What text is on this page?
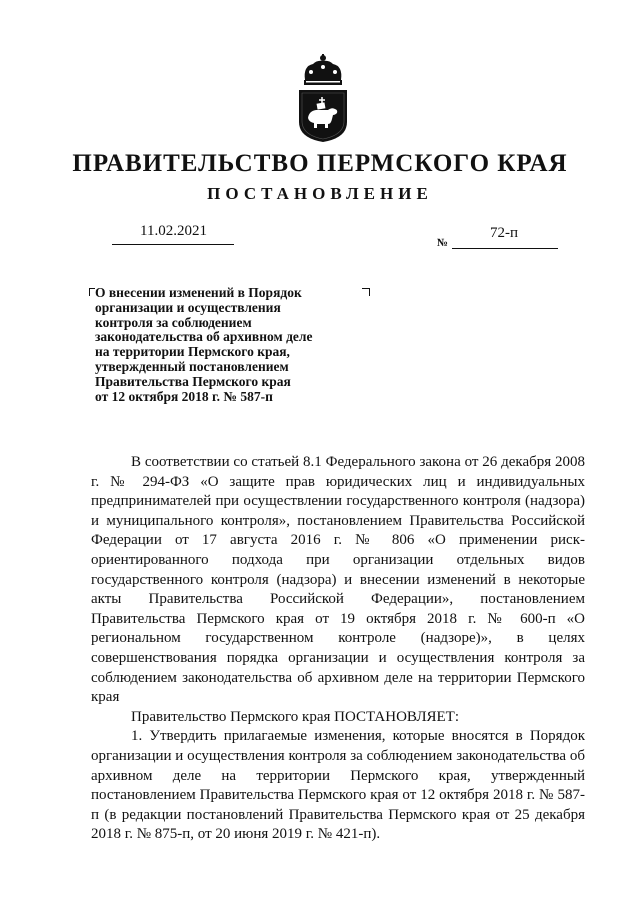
ПРАВИТЕЛЬСТВО ПЕРМСКОГО КРАЯ
ПОСТАНОВЛЕНИЕ
11.02.2021
№
72-п
О внесении изменений в Порядок
организации и осуществления
контроля за соблюдением
законодательства об архивном деле
на территории Пермского края,
утвержденный постановлением
Правительства Пермского края
от 12 октября 2018 г. № 587-п

В соответствии со статьей 8.1 Федерального закона от 26 декабря 2008 г. № 294-ФЗ «О защите прав юридических лиц и индивидуальных предпринимателей при осуществлении государственного контроля (надзора) и муниципального контроля», постановлением Правительства Российской Федерации от 17 августа 2016 г. № 806 «О применении риск-ориентированного подхода при организации отдельных видов государственного контроля (надзора) и внесении изменений в некоторые акты Правительства Российской Федерации», постановлением Правительства Пермского края от 19 октября 2018 г. № 600-п «О региональном государственном контроле (надзоре)», в целях совершенствования порядка организации и осуществления контроля за соблюдением законодательства об архивном деле на территории Пермского края

Правительство Пермского края ПОСТАНОВЛЯЕТ:

1. Утвердить прилагаемые изменения, которые вносятся в Порядок организации и осуществления контроля за соблюдением законодательства об архивном деле на территории Пермского края, утвержденный постановлением Правительства Пермского края от 12 октября 2018 г. № 587-п (в редакции постановлений Правительства Пермского края от 25 декабря 2018 г. № 875-п, от 20 июня 2019 г. № 421-п).
